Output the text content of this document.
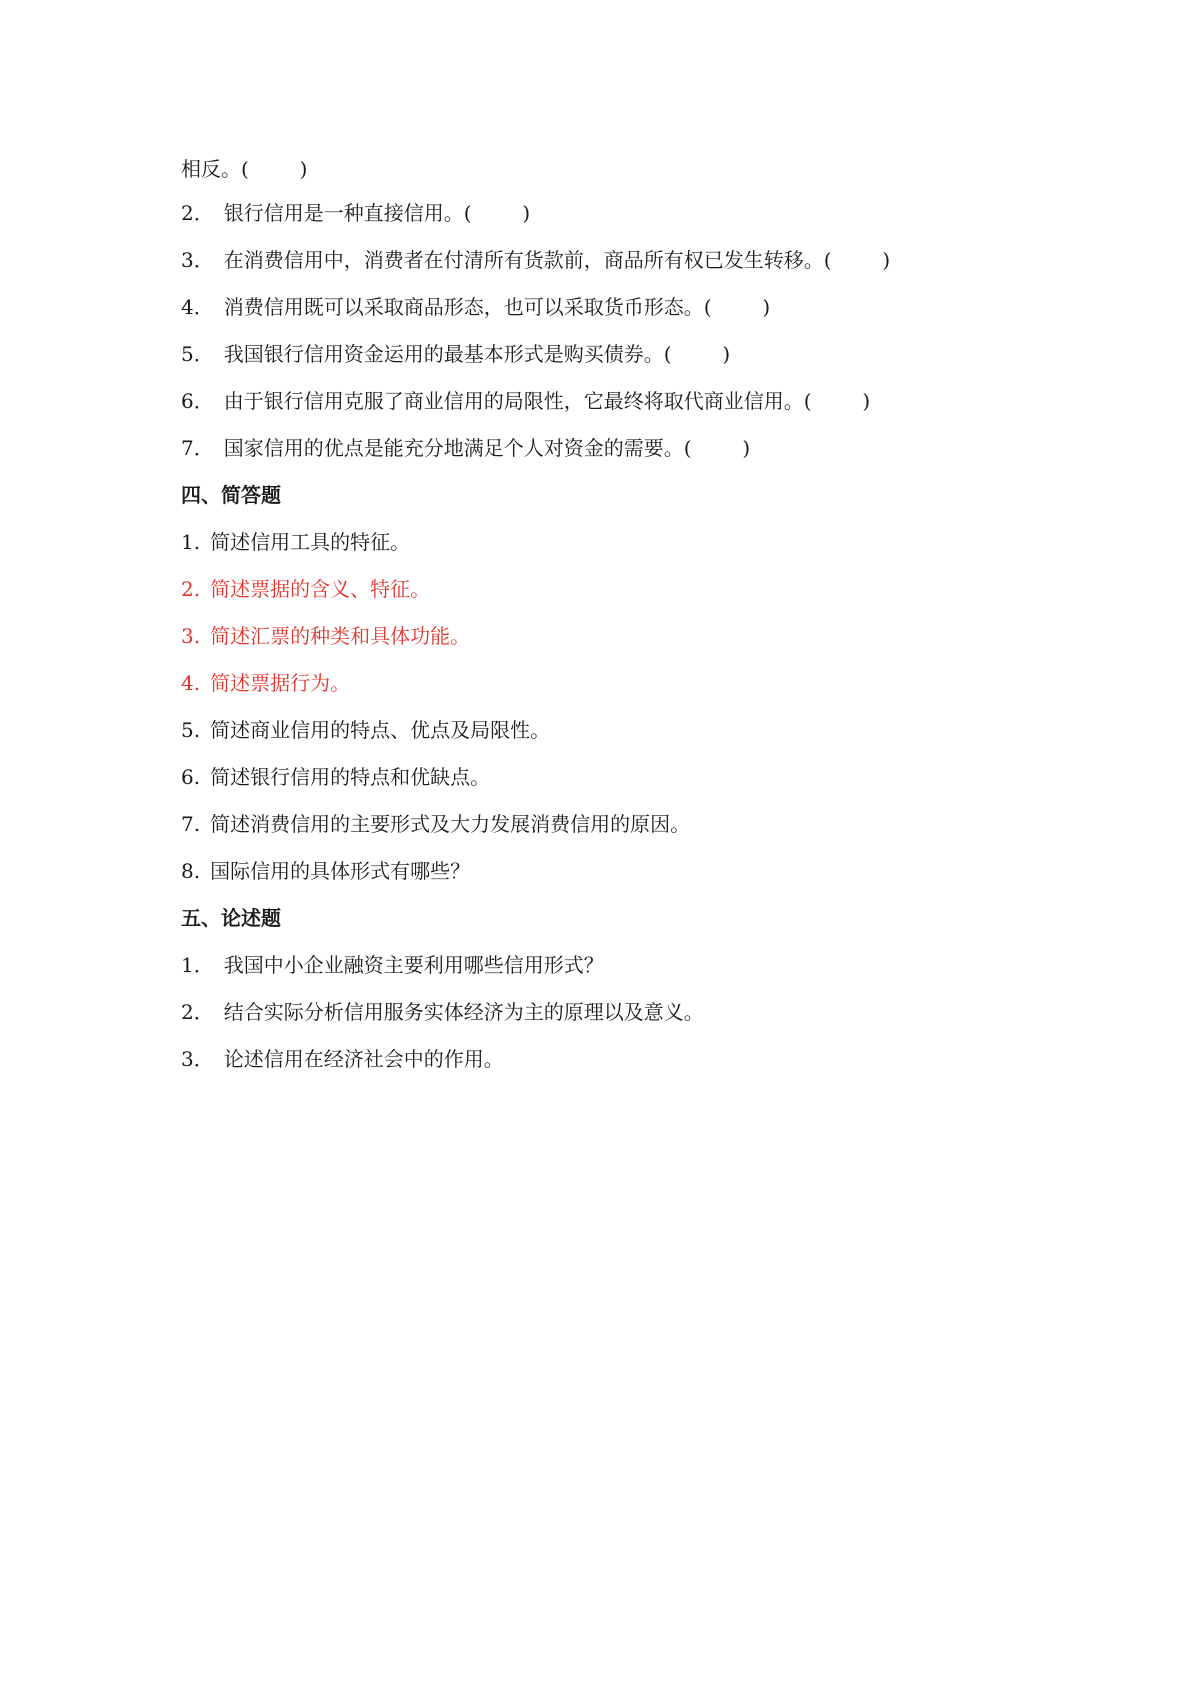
相反。(	)
2． 银行信用是一种直接信用。(	)
3． 在消费信用中，消费者在付清所有货款前，商品所有权已发生转移。(	)
4． 消费信用既可以采取商品形态，也可以采取货币形态。(	)
5． 我国银行信用资金运用的最基本形式是购买债券。(	)
6． 由于银行信用克服了商业信用的局限性，它最终将取代商业信用。(	)
7． 国家信用的优点是能充分地满足个人对资金的需要。(	)
四、简答题
1. 简述信用工具的特征。
2. 简述票据的含义、特征。
3. 简述汇票的种类和具体功能。
4. 简述票据行为。
5. 简述商业信用的特点、优点及局限性。
6. 简述银行信用的特点和优缺点。
7. 简述消费信用的主要形式及大力发展消费信用的原因。
8. 国际信用的具体形式有哪些？
五、论述题
1． 我国中小企业融资主要利用哪些信用形式？
2． 结合实际分析信用服务实体经济为主的原理以及意义。
3． 论述信用在经济社会中的作用。
